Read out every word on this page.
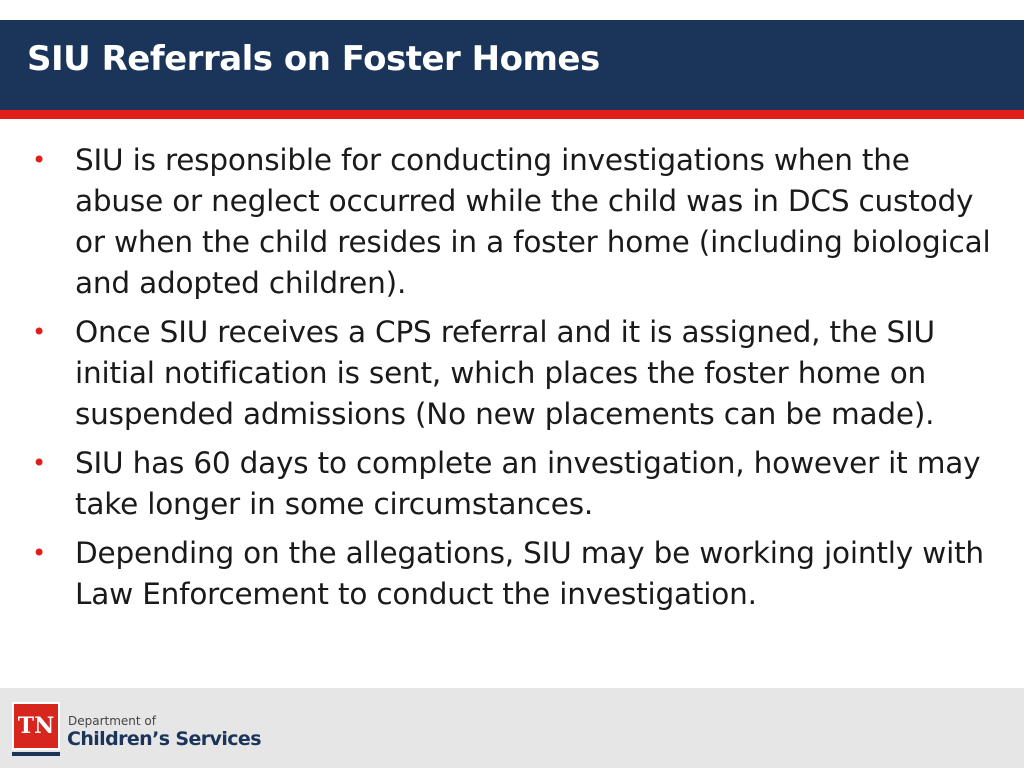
SIU Referrals on Foster Homes
• SIU is responsible for conducting investigations when the abuse or neglect occurred while the child was in DCS custody or when the child resides in a foster home (including biological and adopted children).
• Once SIU receives a CPS referral and it is assigned, the SIU initial notification is sent, which places the foster home on suspended admissions (No new placements can be made).
• SIU has 60 days to complete an investigation, however it may take longer in some circumstances.
• Depending on the allegations, SIU may be working jointly with Law Enforcement to conduct the investigation.
TN	Department of
Children’s Services
